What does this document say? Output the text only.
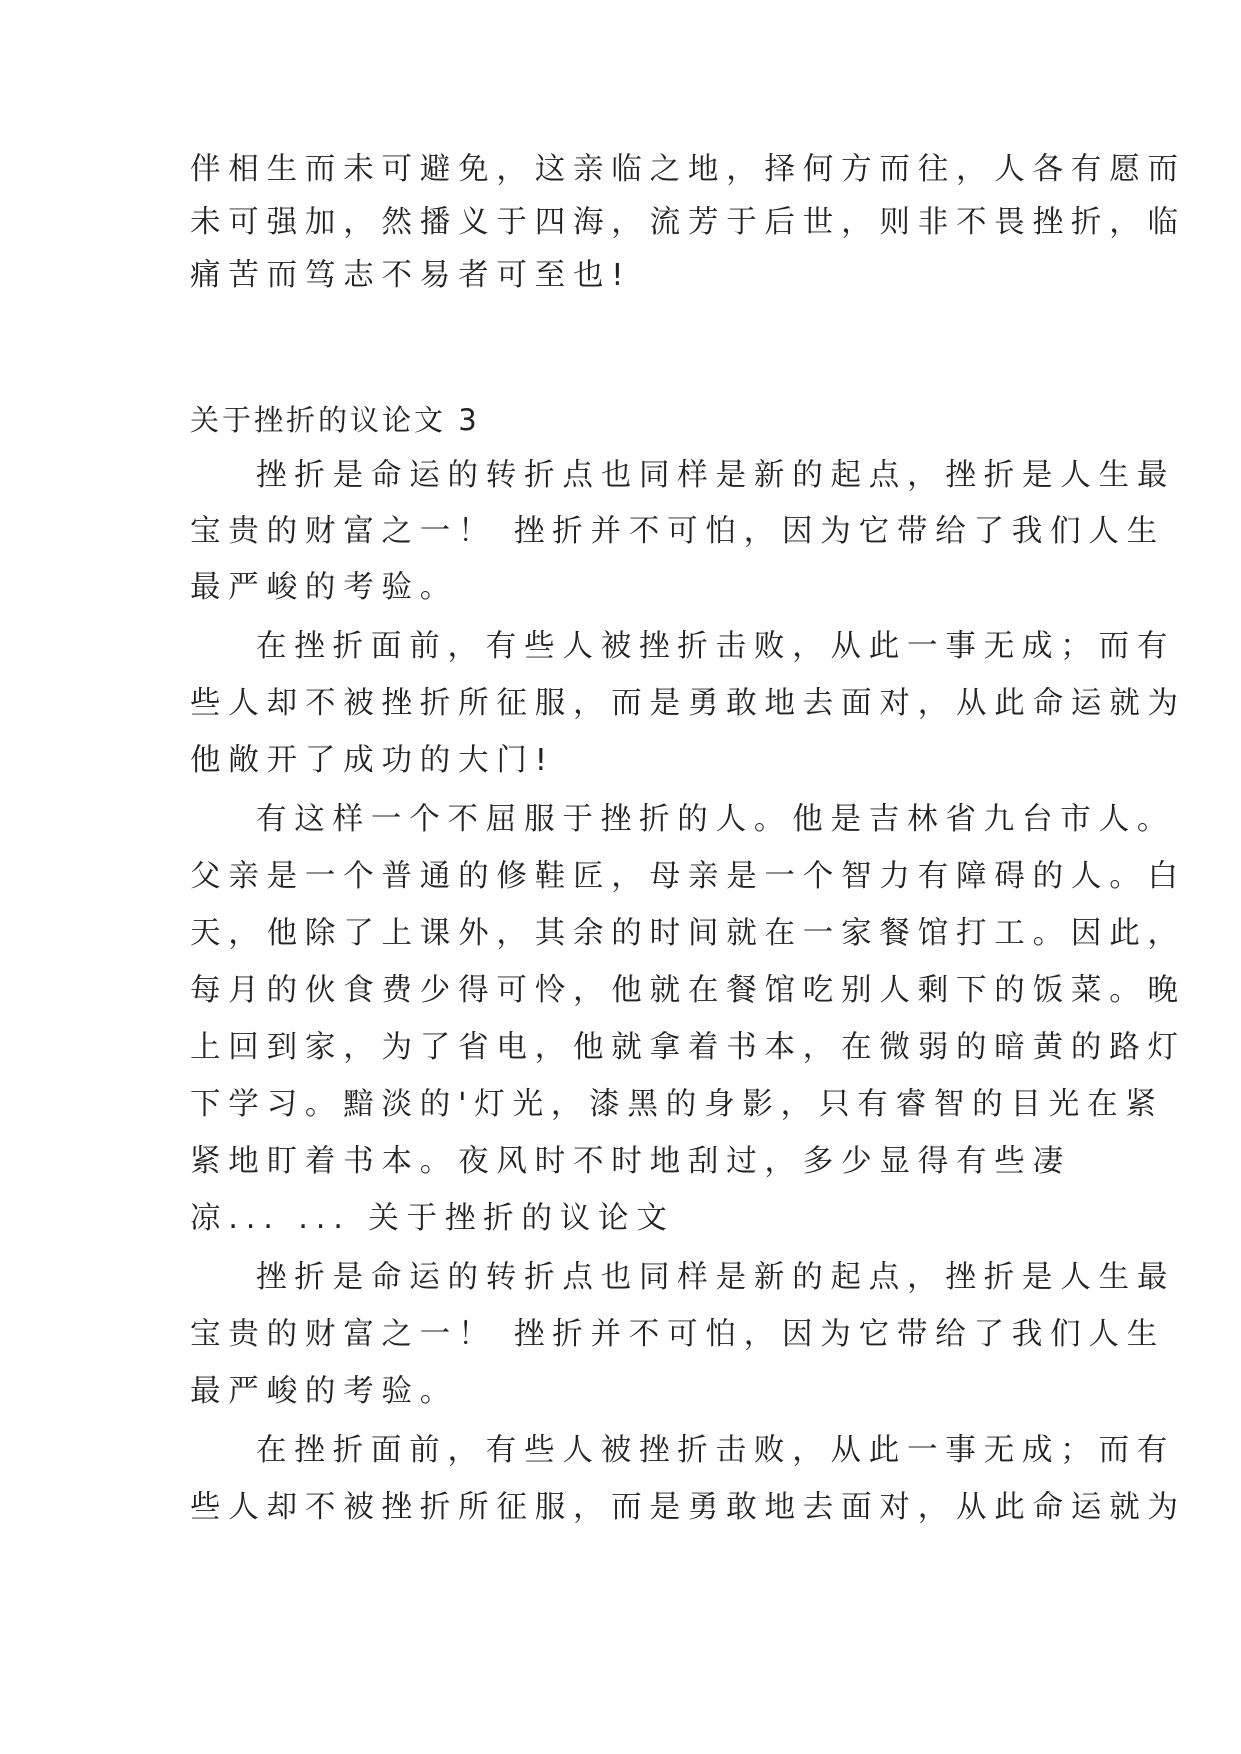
伴相生而未可避免，这亲临之地，择何方而往，人各有愿而
未可强加，然播义于四海，流芳于后世，则非不畏挫折，临
痛苦而笃志不易者可至也!
关于挫折的议论文 3
挫折是命运的转折点也同样是新的起点，挫折是人生最
宝贵的财富之一！ 挫折并不可怕，因为它带给了我们人生
最严峻的考验。
在挫折面前，有些人被挫折击败，从此一事无成；而有
些人却不被挫折所征服，而是勇敢地去面对，从此命运就为
他敞开了成功的大门!
有这样一个不屈服于挫折的人。他是吉林省九台市人。
父亲是一个普通的修鞋匠，母亲是一个智力有障碍的人。白
天，他除了上课外，其余的时间就在一家餐馆打工。因此，
每月的伙食费少得可怜，他就在餐馆吃别人剩下的饭菜。晚
上回到家，为了省电，他就拿着书本，在微弱的暗黄的路灯
下学习。黯淡的'灯光，漆黑的身影，只有睿智的目光在紧
紧地盯着书本。夜风时不时地刮过，多少显得有些凄
凉... ... 关于挫折的议论文
挫折是命运的转折点也同样是新的起点，挫折是人生最
宝贵的财富之一！ 挫折并不可怕，因为它带给了我们人生
最严峻的考验。
在挫折面前，有些人被挫折击败，从此一事无成；而有
些人却不被挫折所征服，而是勇敢地去面对，从此命运就为
